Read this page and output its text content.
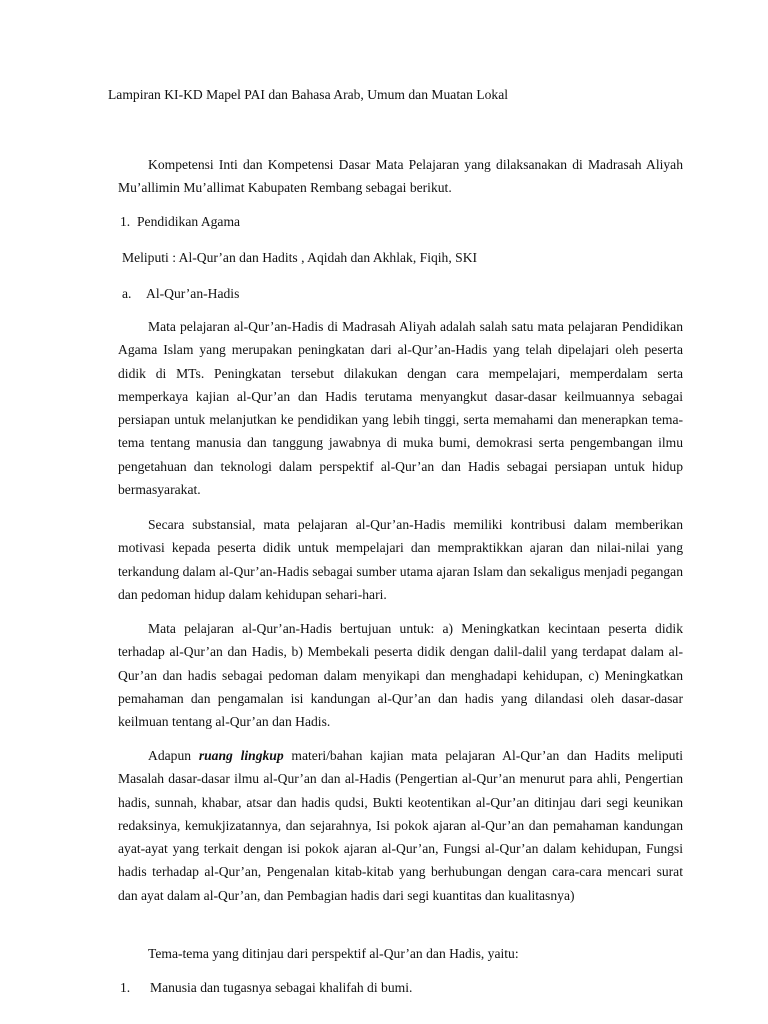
Lampiran KI-KD Mapel PAI dan Bahasa Arab, Umum dan Muatan Lokal
Kompetensi Inti dan Kompetensi Dasar Mata Pelajaran yang dilaksanakan di Madrasah Aliyah Mu’allimin Mu’allimat Kabupaten Rembang sebagai berikut.
1. Pendidikan Agama
Meliputi : Al-Qur’an dan Hadits , Aqidah dan Akhlak, Fiqih, SKI
a. Al-Qur’an-Hadis
Mata pelajaran al-Qur’an-Hadis di Madrasah Aliyah adalah salah satu mata pelajaran Pendidikan Agama Islam yang merupakan peningkatan dari al-Qur’an-Hadis yang telah dipelajari oleh peserta didik di MTs. Peningkatan tersebut dilakukan dengan cara mempelajari, memperdalam serta memperkaya kajian al-Qur’an dan Hadis terutama menyangkut dasar-dasar keilmuannya sebagai persiapan untuk melanjutkan ke pendidikan yang lebih tinggi, serta memahami dan menerapkan tema-tema tentang manusia dan tanggung jawabnya di muka bumi, demokrasi serta pengembangan ilmu pengetahuan dan teknologi dalam perspektif al-Qur’an dan Hadis sebagai persiapan untuk hidup bermasyarakat.
Secara substansial, mata pelajaran al-Qur’an-Hadis memiliki kontribusi dalam memberikan motivasi kepada peserta didik untuk mempelajari dan mempraktikkan ajaran dan nilai-nilai yang terkandung dalam al-Qur’an-Hadis sebagai sumber utama ajaran Islam dan sekaligus menjadi pegangan dan pedoman hidup dalam kehidupan sehari-hari.
Mata pelajaran al-Qur’an-Hadis bertujuan untuk: a) Meningkatkan kecintaan peserta didik terhadap al-Qur’an dan Hadis, b) Membekali peserta didik dengan dalil-dalil yang terdapat dalam al-Qur’an dan hadis sebagai pedoman dalam menyikapi dan menghadapi kehidupan, c) Meningkatkan pemahaman dan pengamalan isi kandungan al-Qur’an dan hadis yang dilandasi oleh dasar-dasar keilmuan tentang al-Qur’an dan Hadis.
Adapun ruang lingkup materi/bahan kajian mata pelajaran Al-Qur’an dan Hadits meliputi Masalah dasar-dasar ilmu al-Qur’an dan al-Hadis (Pengertian al-Qur’an menurut para ahli, Pengertian hadis, sunnah, khabar, atsar dan hadis qudsi, Bukti keotentikan al-Qur’an ditinjau dari segi keunikan redaksinya, kemukjizatannya, dan sejarahnya, Isi pokok ajaran al-Qur’an dan pemahaman kandungan ayat-ayat yang terkait dengan isi pokok ajaran al-Qur’an, Fungsi al-Qur’an dalam kehidupan, Fungsi hadis terhadap al-Qur’an, Pengenalan kitab-kitab yang berhubungan dengan cara-cara mencari surat dan ayat dalam al-Qur’an, dan Pembagian hadis dari segi kuantitas dan kualitasnya)
Tema-tema yang ditinjau dari perspektif al-Qur’an dan Hadis, yaitu:
1. Manusia dan tugasnya sebagai khalifah di bumi.
